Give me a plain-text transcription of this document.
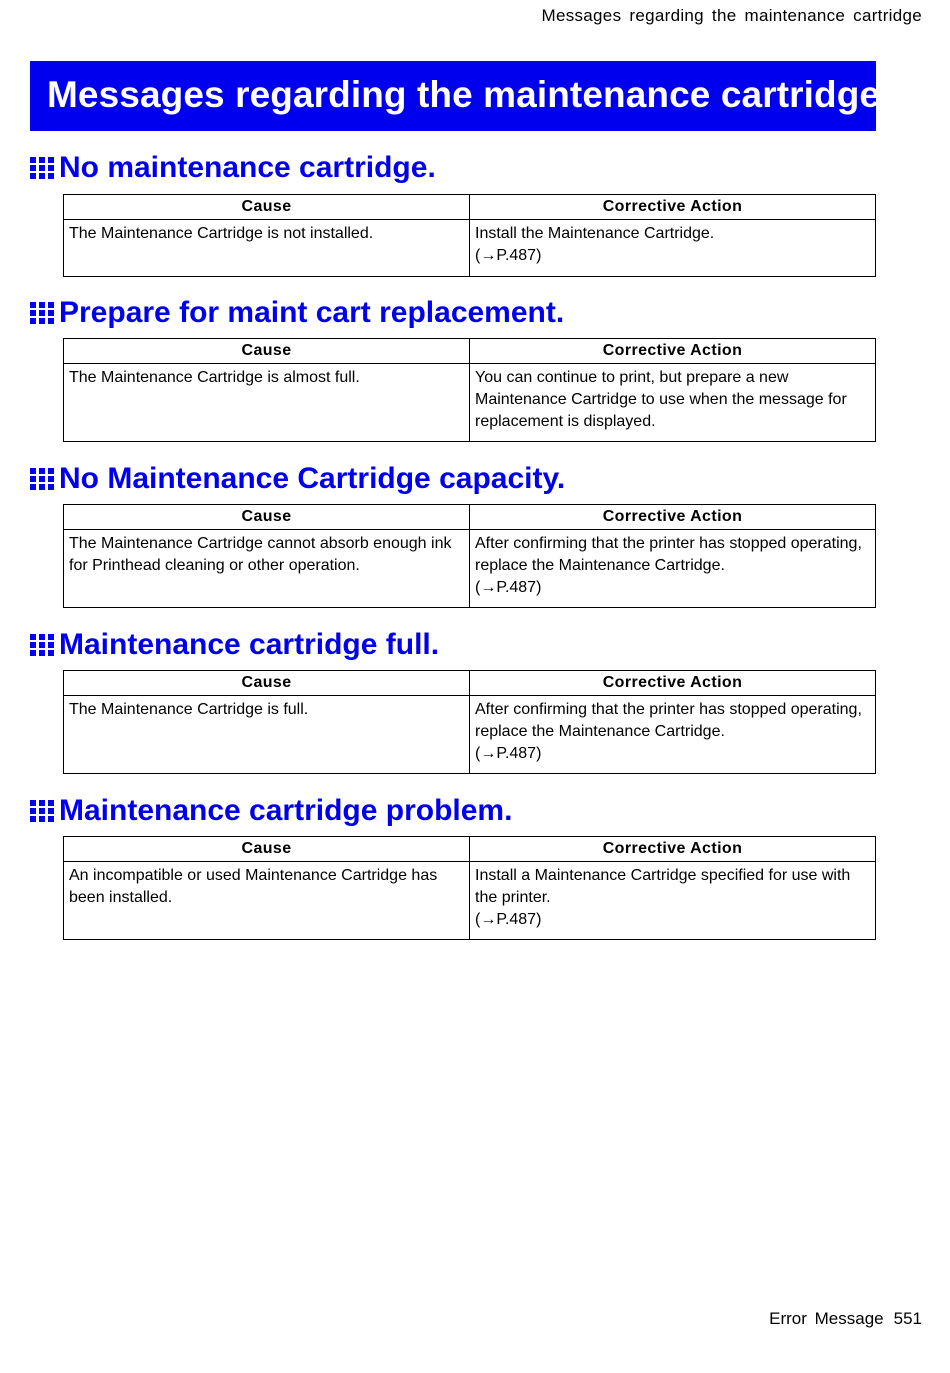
Messages regarding the maintenance cartridge
Messages regarding the maintenance cartridge
No maintenance cartridge.
Cause	Corrective Action
The Maintenance Cartridge is not installed.	Install the Maintenance Cartridge.
(→P.487)
Prepare for maint cart replacement.
Cause	Corrective Action
The Maintenance Cartridge is almost full.	You can continue to print, but prepare a new Maintenance Cartridge to use when the message for replacement is displayed.
No Maintenance Cartridge capacity.
Cause	Corrective Action
The Maintenance Cartridge cannot absorb enough ink for Printhead cleaning or other operation.	After confirming that the printer has stopped operating, replace the Maintenance Cartridge.
(→P.487)
Maintenance cartridge full.
Cause	Corrective Action
The Maintenance Cartridge is full.	After confirming that the printer has stopped operating, replace the Maintenance Cartridge.
(→P.487)
Maintenance cartridge problem.
Cause	Corrective Action
An incompatible or used Maintenance Cartridge has been installed.	Install a Maintenance Cartridge specified for use with the printer.
(→P.487)
Error Message 551
